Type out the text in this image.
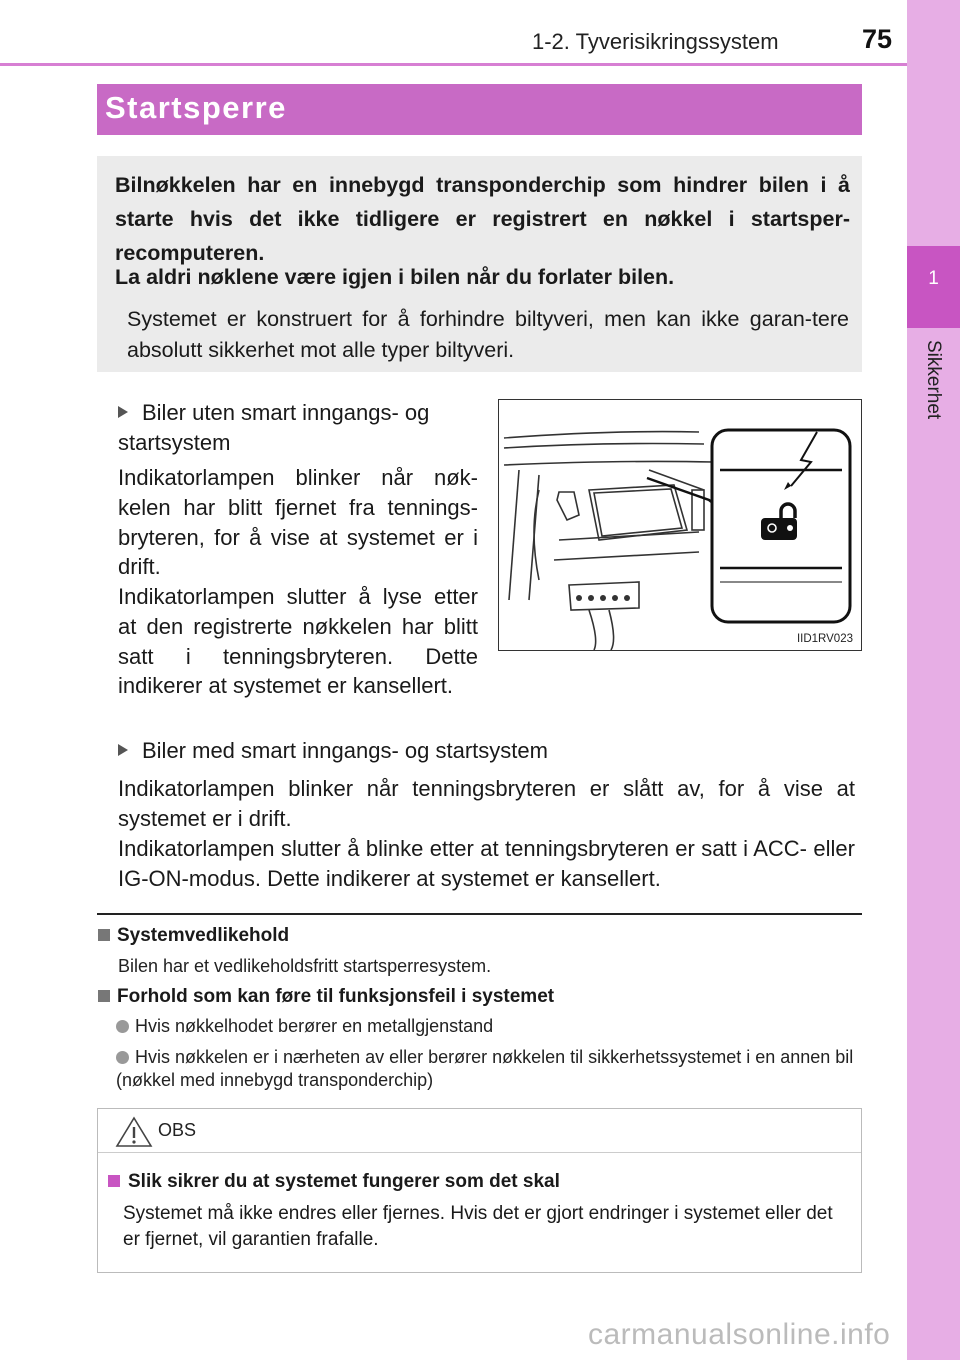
1-2. Tyverisikringssystem	75
1
Sikkerhet
Startsperre
Bilnøkkelen har en innebygd transponderchip som hindrer bilen i å starte hvis det ikke tidligere er registrert en nøkkel i startsper-recomputeren.
La aldri nøklene være igjen i bilen når du forlater bilen.
Systemet er konstruert for å forhindre biltyveri, men kan ikke garan-tere absolutt sikkerhet mot alle typer biltyveri.
Biler uten smart inngangs- og startsystem
Indikatorlampen blinker når nøk-kelen har blitt fjernet fra tennings-bryteren, for å vise at systemet er i drift.
Indikatorlampen slutter å lyse etter at den registrerte nøkkelen har blitt satt i tenningsbryteren. Dette indikerer at systemet er kansellert.
IID1RV023
Biler med smart inngangs- og startsystem
Indikatorlampen blinker når tenningsbryteren er slått av, for å vise at systemet er i drift.
Indikatorlampen slutter å blinke etter at tenningsbryteren er satt i ACC- eller IG-ON-modus. Dette indikerer at systemet er kansellert.
Systemvedlikehold
Bilen har et vedlikeholdsfritt startsperresystem.
Forhold som kan føre til funksjonsfeil i systemet
Hvis nøkkelhodet berører en metallgjenstand
Hvis nøkkelen er i nærheten av eller berører nøkkelen til sikkerhetssystemet i en annen bil (nøkkel med innebygd transponderchip)
OBS
Slik sikrer du at systemet fungerer som det skal
Systemet må ikke endres eller fjernes. Hvis det er gjort endringer i systemet eller det er fjernet, vil garantien frafalle.
carmanualsonline.info
